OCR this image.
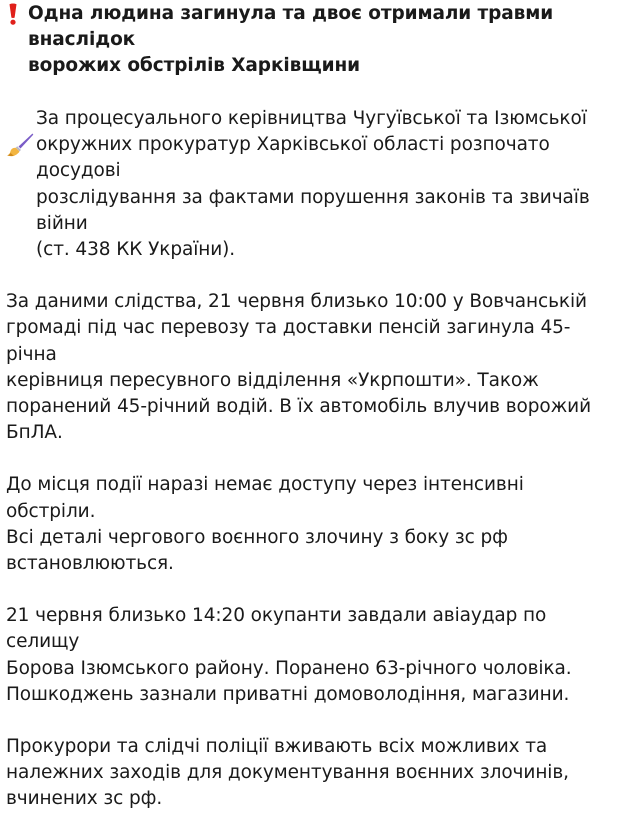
Одна людина загинула та двоє отримали травми внаслідок
ворожих обстрілів Харківщини

За процесуального керівництва Чугуївської та Ізюмської
окружних прокуратур Харківської області розпочато досудові
розслідування за фактами порушення законів та звичаїв війни
(ст. 438 КК України).
За даними слідства, 21 червня близько 10:00 у Вовчанській
громаді під час перевозу та доставки пенсій загинула 45-річна
керівниця пересувного відділення «Укрпошти». Також
поранений 45-річний водій. В їх автомобіль влучив ворожий
БпЛА.
До місця події наразі немає доступу через інтенсивні обстріли.
Всі деталі чергового воєнного злочину з боку зс рф
встановлюються.
21 червня близько 14:20 окупанти завдали авіаудар по селищу
Борова Ізюмського району. Поранено 63-річного чоловіка.
Пошкоджень зазнали приватні домоволодіння, магазини.
Прокурори та слідчі поліції вживають всіх можливих та
належних заходів для документування воєнних злочинів,
вчинених зс рф.
